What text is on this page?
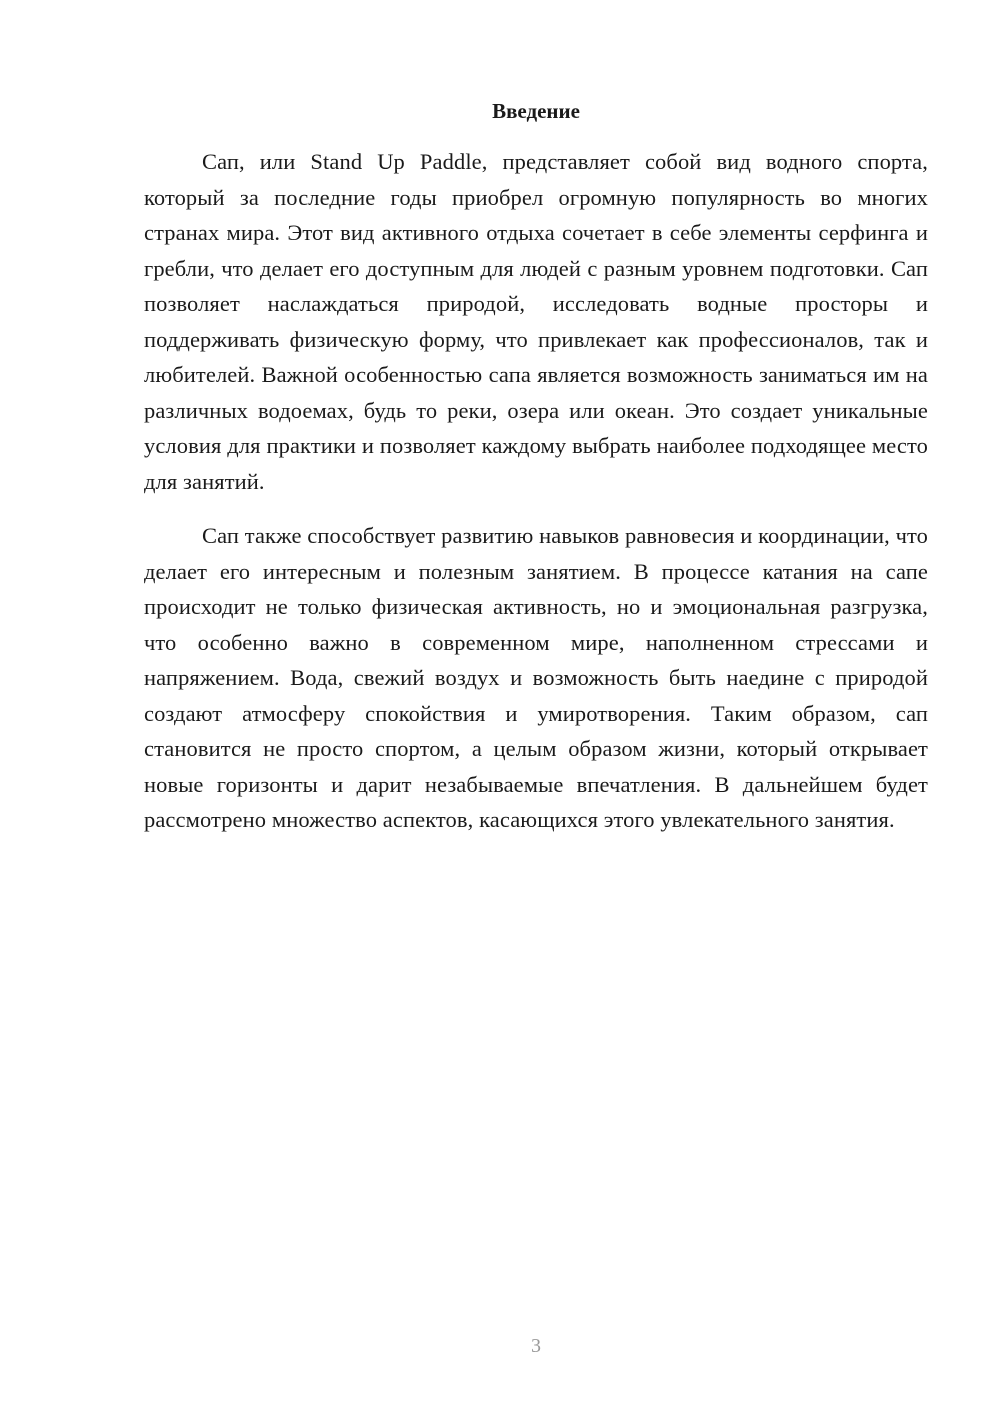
Введение

Сап, или Stand Up Paddle, представляет собой вид водного спорта, который за последние годы приобрел огромную популярность во многих странах мира. Этот вид активного отдыха сочетает в себе элементы серфинга и гребли, что делает его доступным для людей с разным уровнем подготовки. Сап позволяет наслаждаться природой, исследовать водные просторы и поддерживать физическую форму, что привлекает как профессионалов, так и любителей. Важной особенностью сапа является возможность заниматься им на различных водоемах, будь то реки, озера или океан. Это создает уникальные условия для практики и позволяет каждому выбрать наиболее подходящее место для занятий.

Сап также способствует развитию навыков равновесия и координации, что делает его интересным и полезным занятием. В процессе катания на сапе происходит не только физическая активность, но и эмоциональная разгрузка, что особенно важно в современном мире, наполненном стрессами и напряжением. Вода, свежий воздух и возможность быть наедине с природой создают атмосферу спокойствия и умиротворения. Таким образом, сап становится не просто спортом, а целым образом жизни, который открывает новые горизонты и дарит незабываемые впечатления. В дальнейшем будет рассмотрено множество аспектов, касающихся этого увлекательного занятия.

3
